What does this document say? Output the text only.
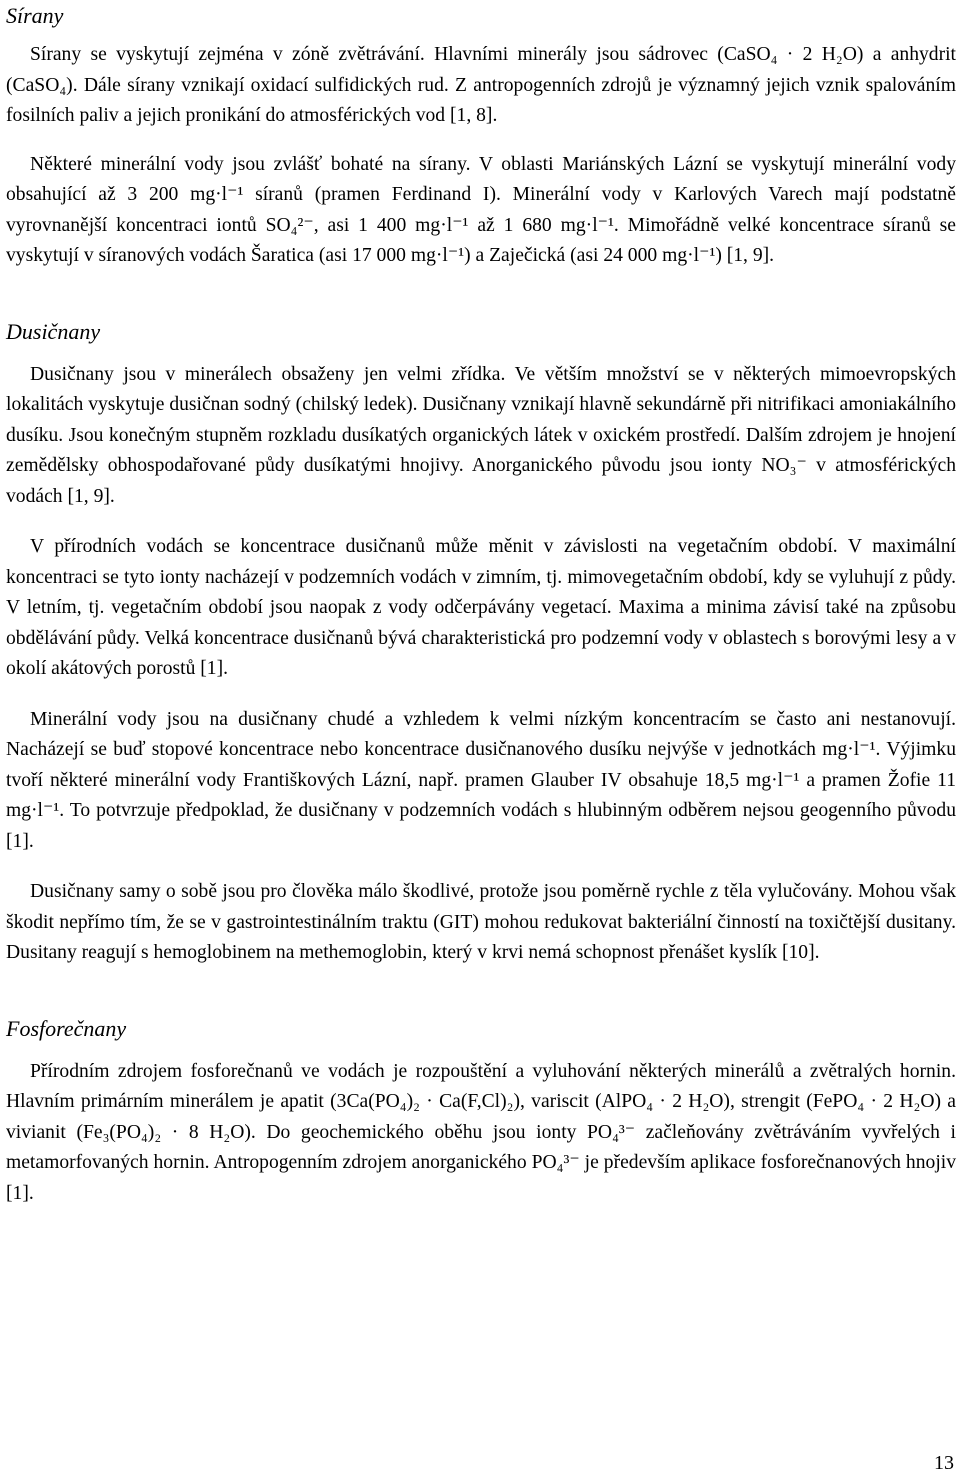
Sírany

Sírany se vyskytují zejména v zóně zvětrávání. Hlavními minerály jsou sádrovec (CaSO₄ · 2 H₂O) a anhydrit (CaSO₄). Dále sírany vznikají oxidací sulfidických rud. Z antropogenních zdrojů je významný jejich vznik spalováním fosilních paliv a jejich pronikání do atmosférických vod [1, 8].

Některé minerální vody jsou zvlášť bohaté na sírany. V oblasti Mariánských Lázní se vyskytují minerální vody obsahující až 3 200 mg·l⁻¹ síranů (pramen Ferdinand I). Minerální vody v Karlových Varech mají podstatně vyrovnanější koncentraci iontů SO₄²⁻, asi 1 400 mg·l⁻¹ až 1 680 mg·l⁻¹. Mimořádně velké koncentrace síranů se vyskytují v síranových vodách Šaratica (asi 17 000 mg·l⁻¹) a Zaječická (asi 24 000 mg·l⁻¹) [1, 9].

Dusičnany

Dusičnany jsou v minerálech obsaženy jen velmi zřídka. Ve větším množství se v některých mimoevropských lokalitách vyskytuje dusičnan sodný (chilský ledek). Dusičnany vznikají hlavně sekundárně při nitrifikaci amoniakálního dusíku. Jsou konečným stupněm rozkladu dusíkatých organických látek v oxickém prostředí. Dalším zdrojem je hnojení zemědělsky obhospodařované půdy dusíkatými hnojivy. Anorganického původu jsou ionty NO₃⁻ v atmosférických vodách [1, 9].

V přírodních vodách se koncentrace dusičnanů může měnit v závislosti na vegetačním období. V maximální koncentraci se tyto ionty nacházejí v podzemních vodách v zimním, tj. mimovegetačním období, kdy se vyluhují z půdy. V letním, tj. vegetačním období jsou naopak z vody odčerpávány vegetací. Maxima a minima závisí také na způsobu obdělávání půdy. Velká koncentrace dusičnanů bývá charakteristická pro podzemní vody v oblastech s borovými lesy a v okolí akátových porostů [1].

Minerální vody jsou na dusičnany chudé a vzhledem k velmi nízkým koncentracím se často ani nestanovují. Nacházejí se buď stopové koncentrace nebo koncentrace dusičnanového dusíku nejvýše v jednotkách mg·l⁻¹. Výjimku tvoří některé minerální vody Františkových Lázní, např. pramen Glauber IV obsahuje 18,5 mg·l⁻¹ a pramen Žofie 11 mg·l⁻¹. To potvrzuje předpoklad, že dusičnany v podzemních vodách s hlubinným odběrem nejsou geogenního původu [1].

Dusičnany samy o sobě jsou pro člověka málo škodlivé, protože jsou poměrně rychle z těla vylučovány. Mohou však škodit nepřímo tím, že se v gastrointestinálním traktu (GIT) mohou redukovat bakteriální činností na toxičtější dusitany. Dusitany reagují s hemoglobinem na methemoglobin, který v krvi nemá schopnost přenášet kyslík [10].

Fosforečnany

Přírodním zdrojem fosforečnanů ve vodách je rozpouštění a vyluhování některých minerálů a zvětralých hornin. Hlavním primárním minerálem je apatit (3Ca(PO₄)₂ · Ca(F,Cl)₂), variscit (AlPO₄ · 2 H₂O), strengit (FePO₄ · 2 H₂O) a vivianit (Fe₃(PO₄)₂ · 8 H₂O). Do geochemického oběhu jsou ionty PO₄³⁻ začleňovány zvětráváním vyvřelých i metamorfovaných hornin. Antropogenním zdrojem anorganického PO₄³⁻ je především aplikace fosforečnanových hnojiv [1].

13
